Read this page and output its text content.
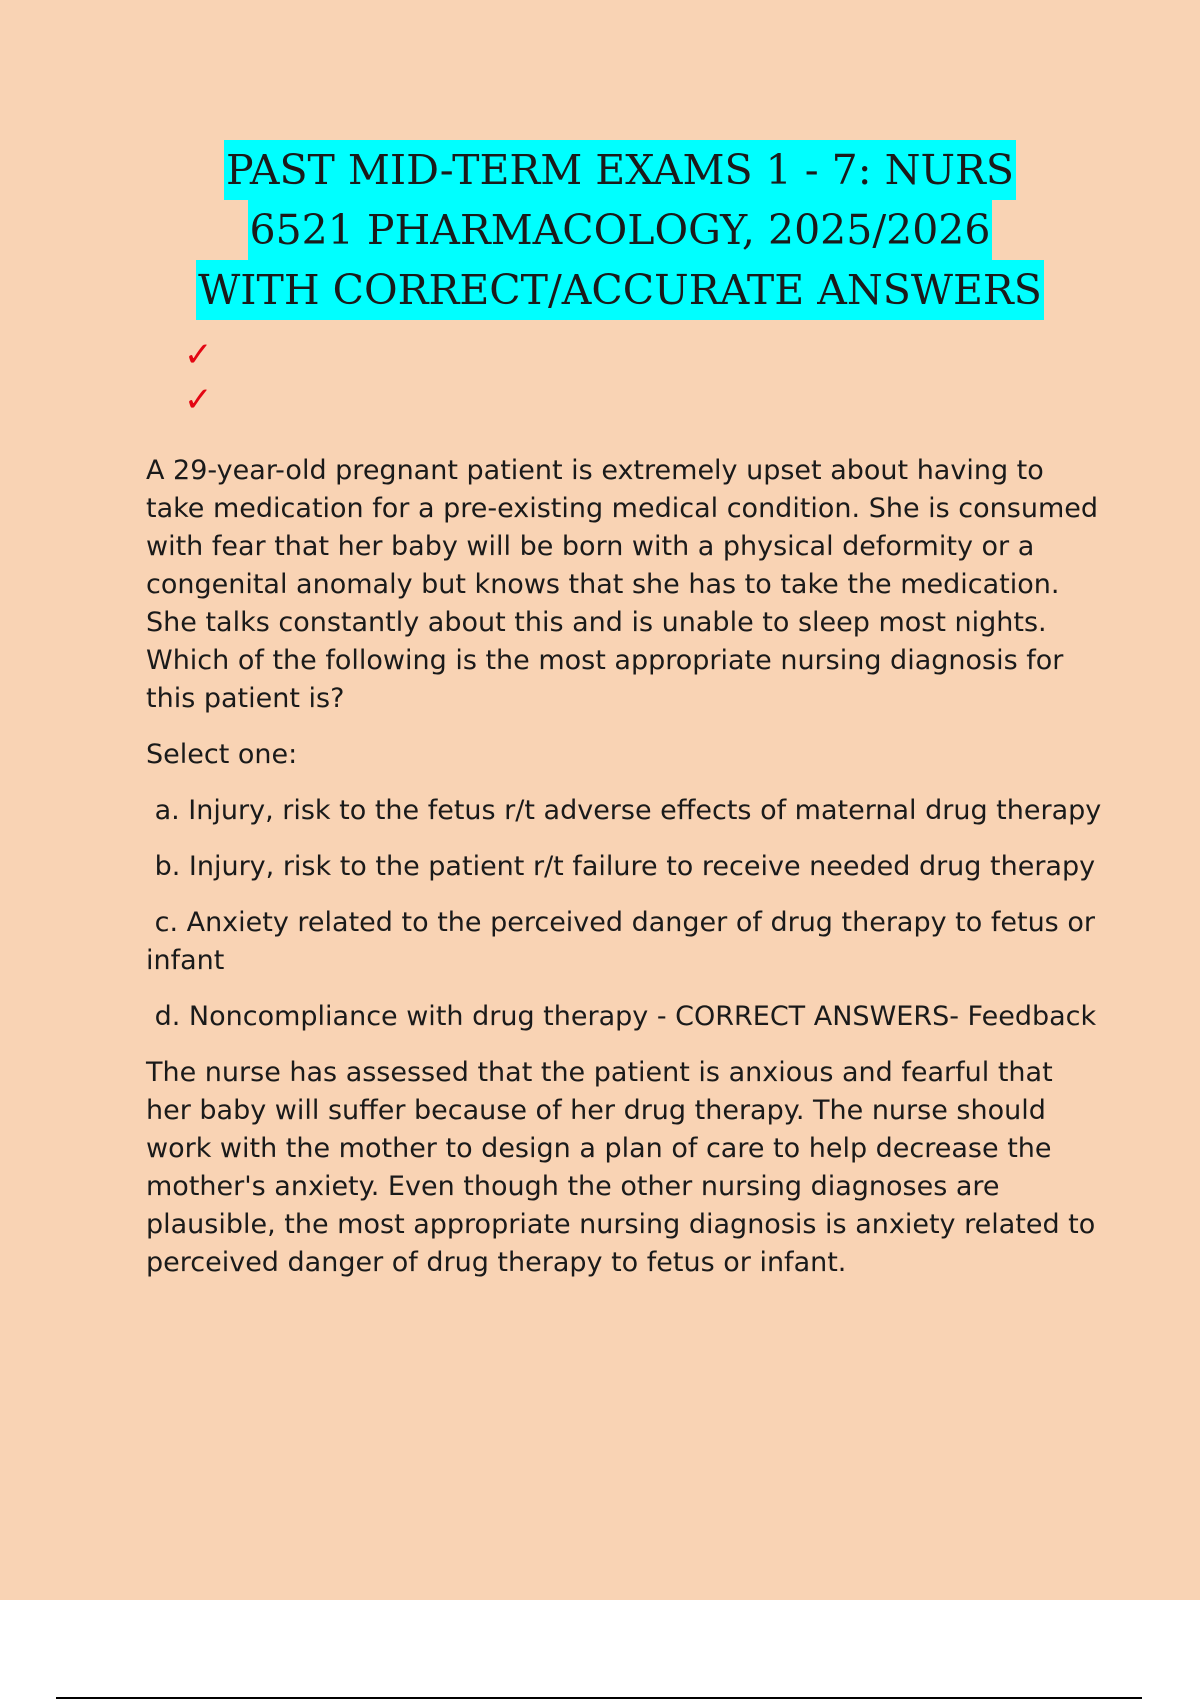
PAST MID-TERM EXAMS 1 - 7: NURS
6521 PHARMACOLOGY, 2025/2026
WITH CORRECT/ACCURATE ANSWERS
✓
✓

A 29-year-old pregnant patient is extremely upset about having to take medication for a pre-existing medical condition. She is consumed with fear that her baby will be born with a physical deformity or a congenital anomaly but knows that she has to take the medication. She talks constantly about this and is unable to sleep most nights. Which of the following is the most appropriate nursing diagnosis for this patient is?

Select one:

a. Injury, risk to the fetus r/t adverse effects of maternal drug therapy

b. Injury, risk to the patient r/t failure to receive needed drug therapy

c. Anxiety related to the perceived danger of drug therapy to fetus or infant

d. Noncompliance with drug therapy - CORRECT ANSWERS- Feedback

The nurse has assessed that the patient is anxious and fearful that her baby will suffer because of her drug therapy. The nurse should work with the mother to design a plan of care to help decrease the mother's anxiety. Even though the other nursing diagnoses are plausible, the most appropriate nursing diagnosis is anxiety related to perceived danger of drug therapy to fetus or infant.
